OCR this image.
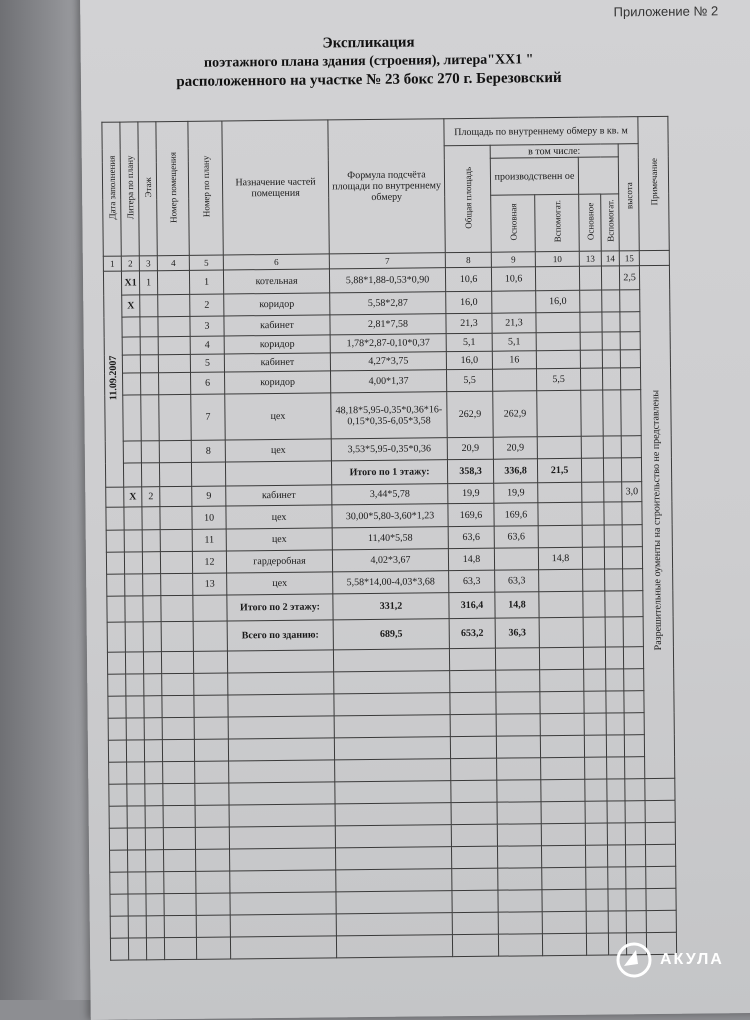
Приложение № 2
Экспликация
поэтажного плана здания (строения), литера"ХХ1 "
расположенного на участке № 23 бокс 270 г. Березовский
Дата заполнения	Литера по плану	Этаж	Номер помещения	Номер по плану	Назначение частей помещения	Формула подсчёта площади по внутреннему обмеру	Площадь по внутреннему обмеру в кв. м						Примечание
							Общая площадь	в том числе:				высота	
								производственн ое					
								Основная	Вспомогат.	Основное	Вспомогат.		
1	2	3	4	5	6	7	8	9	10	13	14	15	
11.09.2007	Х1	1		1	котельная	5,88*1,88-0,53*0,90	10,6	10,6				2,5	Разрешительные оументы на строительство не представлены
	Х			2	коридор	5,58*2,87	16,0		16,0				
				3	кабинет	2,81*7,58	21,3	21,3					
				4	коридор	1,78*2,87-0,10*0,37	5,1	5,1					
				5	кабинет	4,27*3,75	16,0	16					
				6	коридор	4,00*1,37	5,5		5,5				
				7	цех	48,18*5,95-0,35*0,36*16-0,15*0,35-6,05*3,58	262,9	262,9					
				8	цех	3,53*5,95-0,35*0,36	20,9	20,9					
						Итого по 1 этажу:	358,3	336,8	21,5				
	Х	2		9	кабинет	3,44*5,78	19,9	19,9				3,0	
				10	цех	30,00*5,80-3,60*1,23	169,6	169,6					
				11	цех	11,40*5,58	63,6	63,6					
				12	гардеробная	4,02*3,67	14,8		14,8				
				13	цех	5,58*14,00-4,03*3,68	63,3	63,3					
					Итого по 2 этажу:	331,2	316,4	14,8					
					Всего по зданию:	689,5	653,2	36,3					

АКУЛА
